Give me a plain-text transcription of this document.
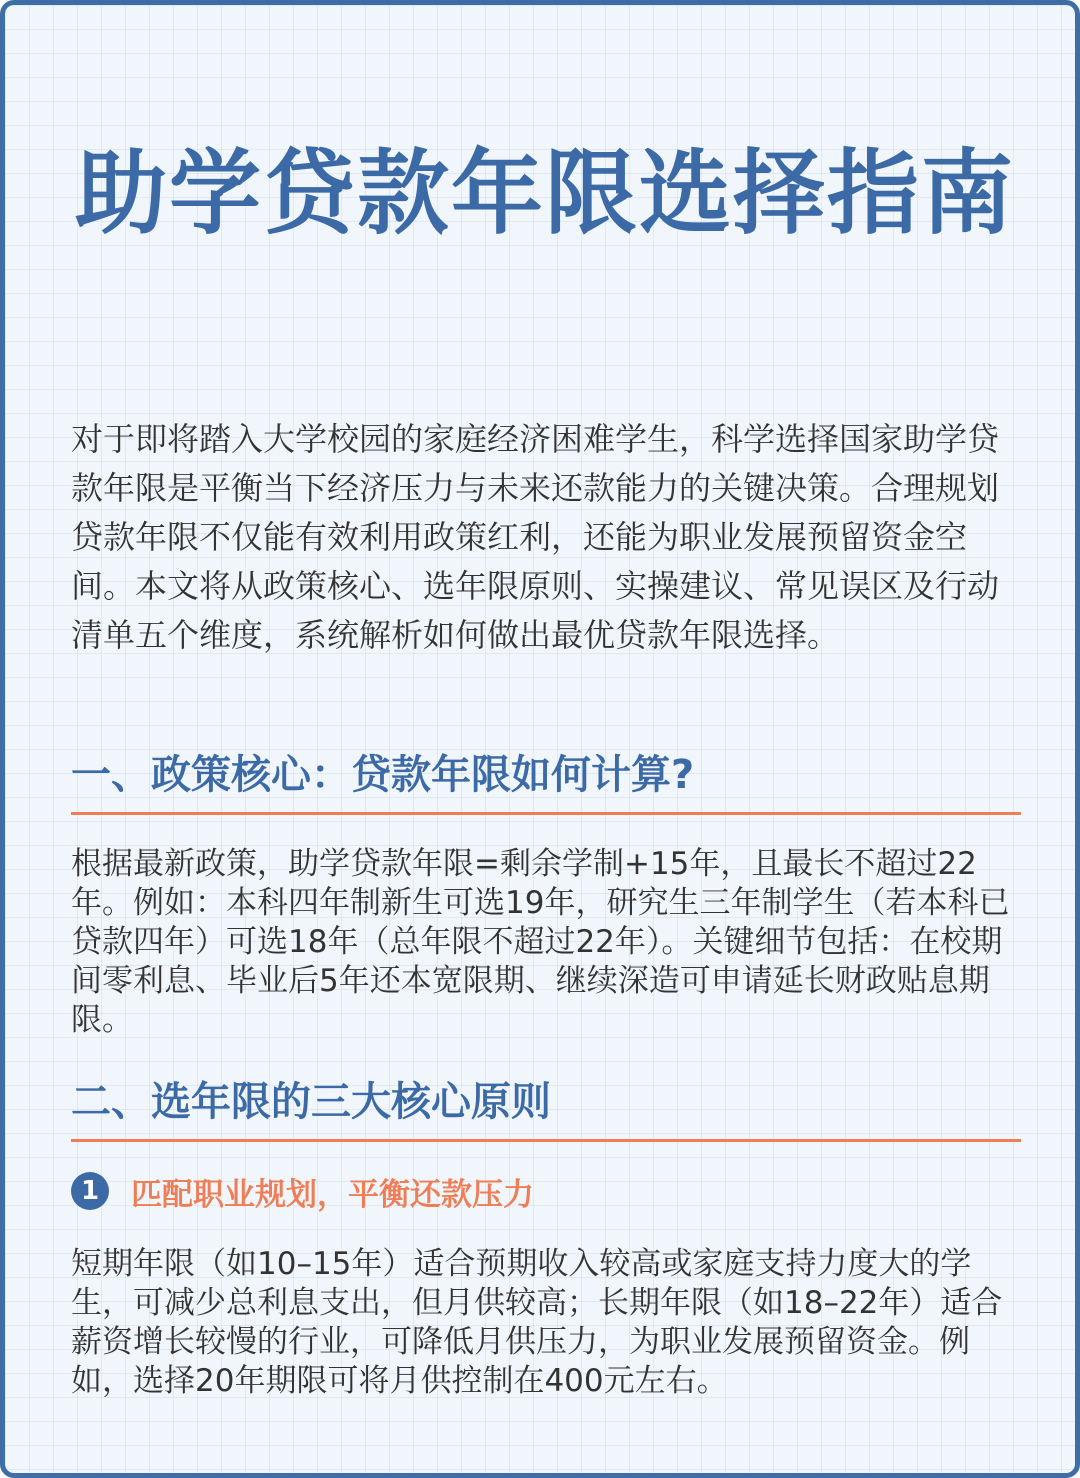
助学贷款年限选择指南

对于即将踏入大学校园的家庭经济困难学生，科学选择国家助学贷款年限是平衡当下经济压力与未来还款能力的关键决策。合理规划贷款年限不仅能有效利用政策红利，还能为职业发展预留资金空间。本文将从政策核心、选年限原则、实操建议、常见误区及行动清单五个维度，系统解析如何做出最优贷款年限选择。

一、政策核心：贷款年限如何计算?

根据最新政策，助学贷款年限=剩余学制+15年，且最长不超过22年。例如：本科四年制新生可选19年，研究生三年制学生（若本科已贷款四年）可选18年（总年限不超过22年）。关键细节包括：在校期间零利息、毕业后5年还本宽限期、继续深造可申请延长财政贴息期限。

二、选年限的三大核心原则
1	匹配职业规划，平衡还款压力

短期年限（如10–15年）适合预期收入较高或家庭支持力度大的学生，可减少总利息支出，但月供较高；长期年限（如18–22年）适合薪资增长较慢的行业，可降低月供压力，为职业发展预留资金。例如，选择20年期限可将月供控制在400元左右。
